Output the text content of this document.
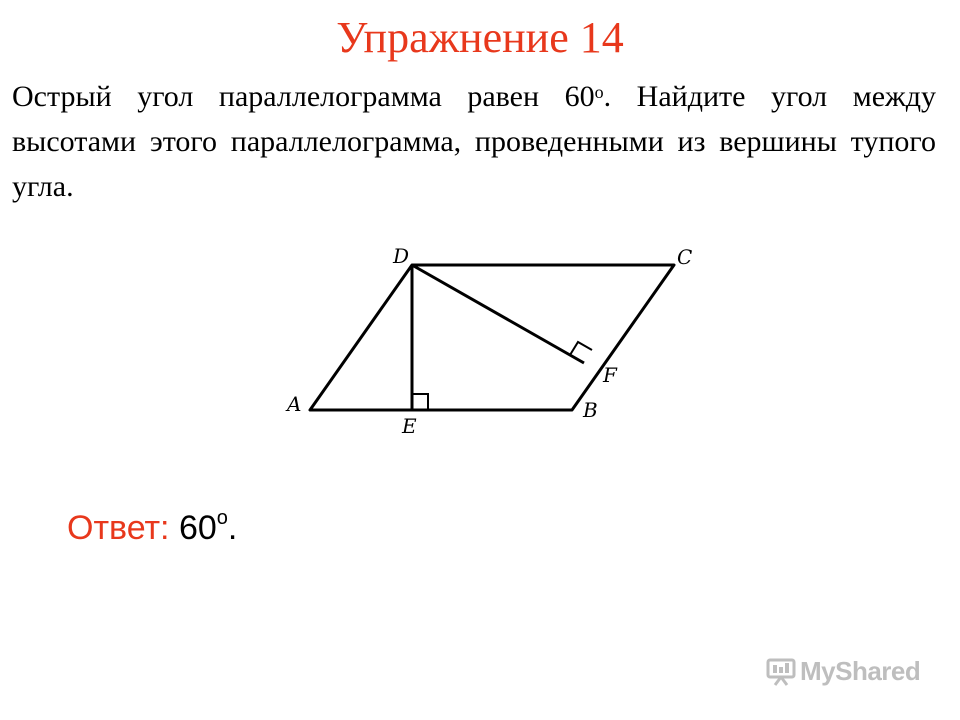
Упражнение 14
Острый угол параллелограмма равен $60^о$. Найдите угол между высотами этого параллелограмма, проведенными из вершины тупого угла.
A	B
C
D
E
F
Ответ: $60^о$.
MyShared
